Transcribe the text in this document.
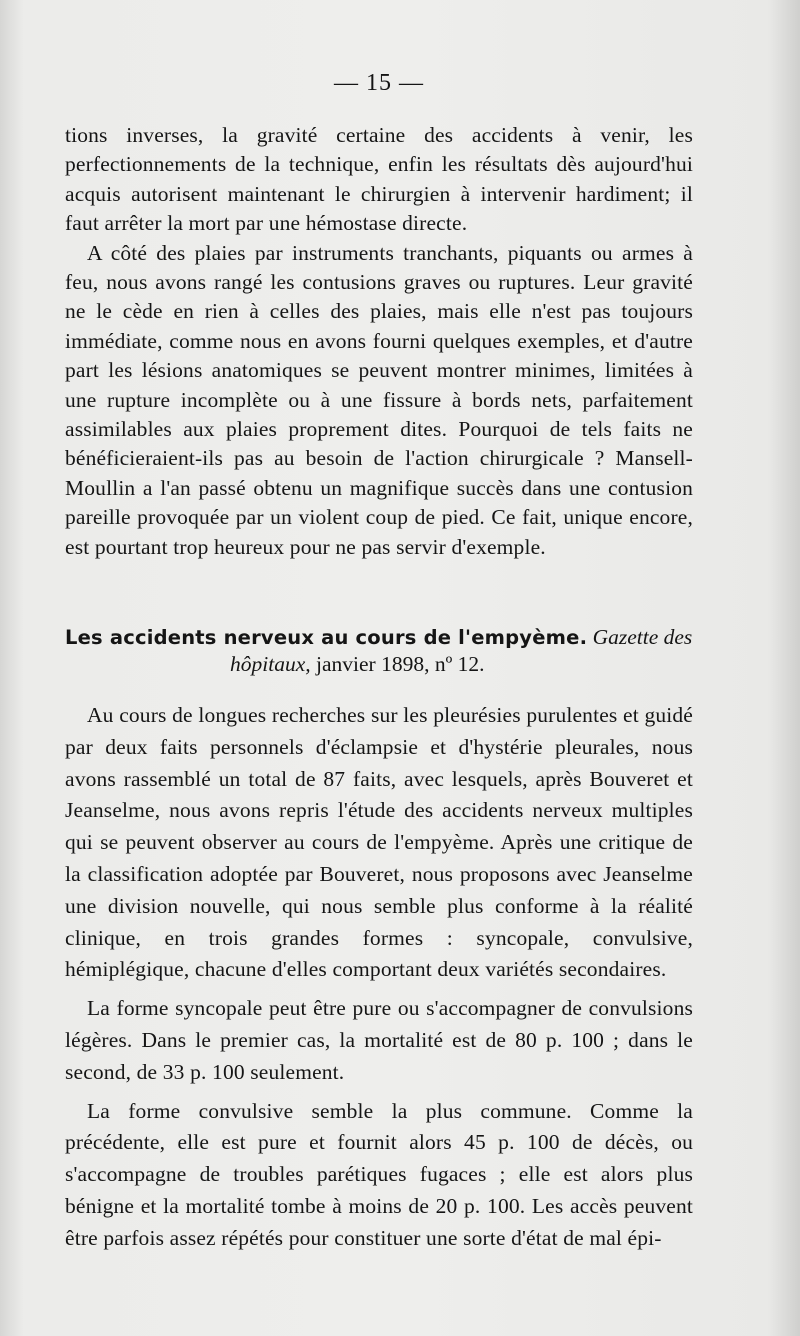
— 15 —

tions inverses, la gravité certaine des accidents à venir, les perfectionnements de la technique, enfin les résultats dès aujourd'hui acquis autorisent maintenant le chirurgien à intervenir hardiment; il faut arrêter la mort par une hémostase directe.

A côté des plaies par instruments tranchants, piquants ou armes à feu, nous avons rangé les contusions graves ou ruptures. Leur gravité ne le cède en rien à celles des plaies, mais elle n'est pas toujours immédiate, comme nous en avons fourni quelques exemples, et d'autre part les lésions anatomiques se peuvent montrer minimes, limitées à une rupture incomplète ou à une fissure à bords nets, parfaitement assimilables aux plaies proprement dites. Pourquoi de tels faits ne bénéficieraient-ils pas au besoin de l'action chirurgicale ? Mansell-Moullin a l'an passé obtenu un magnifique succès dans une contusion pareille provoquée par un violent coup de pied. Ce fait, unique encore, est pourtant trop heureux pour ne pas servir d'exemple.

Les accidents nerveux au cours de l'empyème. Gazette des
hôpitaux, janvier 1898, nº 12.

Au cours de longues recherches sur les pleurésies purulentes et guidé par deux faits personnels d'éclampsie et d'hystérie pleurales, nous avons rassemblé un total de 87 faits, avec lesquels, après Bouveret et Jeanselme, nous avons repris l'étude des accidents nerveux multiples qui se peuvent observer au cours de l'empyème. Après une critique de la classification adoptée par Bouveret, nous proposons avec Jeanselme une division nouvelle, qui nous semble plus conforme à la réalité clinique, en trois grandes formes : syncopale, convulsive, hémiplégique, chacune d'elles comportant deux variétés secondaires.

La forme syncopale peut être pure ou s'accompagner de convulsions légères. Dans le premier cas, la mortalité est de 80 p. 100 ; dans le second, de 33 p. 100 seulement.

La forme convulsive semble la plus commune. Comme la précédente, elle est pure et fournit alors 45 p. 100 de décès, ou s'accompagne de troubles parétiques fugaces ; elle est alors plus bénigne et la mortalité tombe à moins de 20 p. 100. Les accès peuvent être parfois assez répétés pour constituer une sorte d'état de mal épi-
